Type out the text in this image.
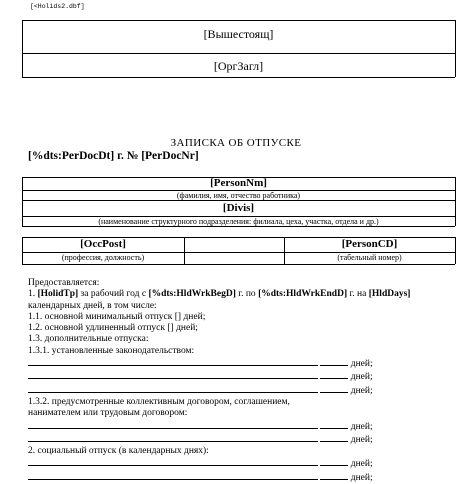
[<Holids2.dbf]
[Вышестоящ]
[ОргЗагл]
ЗАПИСКА ОБ ОТПУСКЕ
[%dts:PerDocDt] г. № [PerDocNr]
[PersonNm]
(фамилия, имя, отчество работника)
[Divis]
(наименование структурного подразделения: филиала, цеха, участка, отдела и др.)
[OccPost]
(профессия, должность)
[PersonCD]
(табельный номер)
Предоставляется:
1. [HolidTp] за рабочий год с [%dts:HldWrkBegD] г. по [%dts:HldWrkEndD] г. на [HldDays]
календарных дней, в том числе:
1.1. основной минимальный отпуск [] дней;
1.2. основной удлиненный отпуск [] дней;
1.3. дополнительные отпуска:
1.3.1. установленные законодательством:
дней;
дней;
дней;
1.3.2. предусмотренные коллективным договором, соглашением,
нанимателем или трудовым договором:
дней;
дней;
2. социальный отпуск (в календарных днях):
дней;
дней;
